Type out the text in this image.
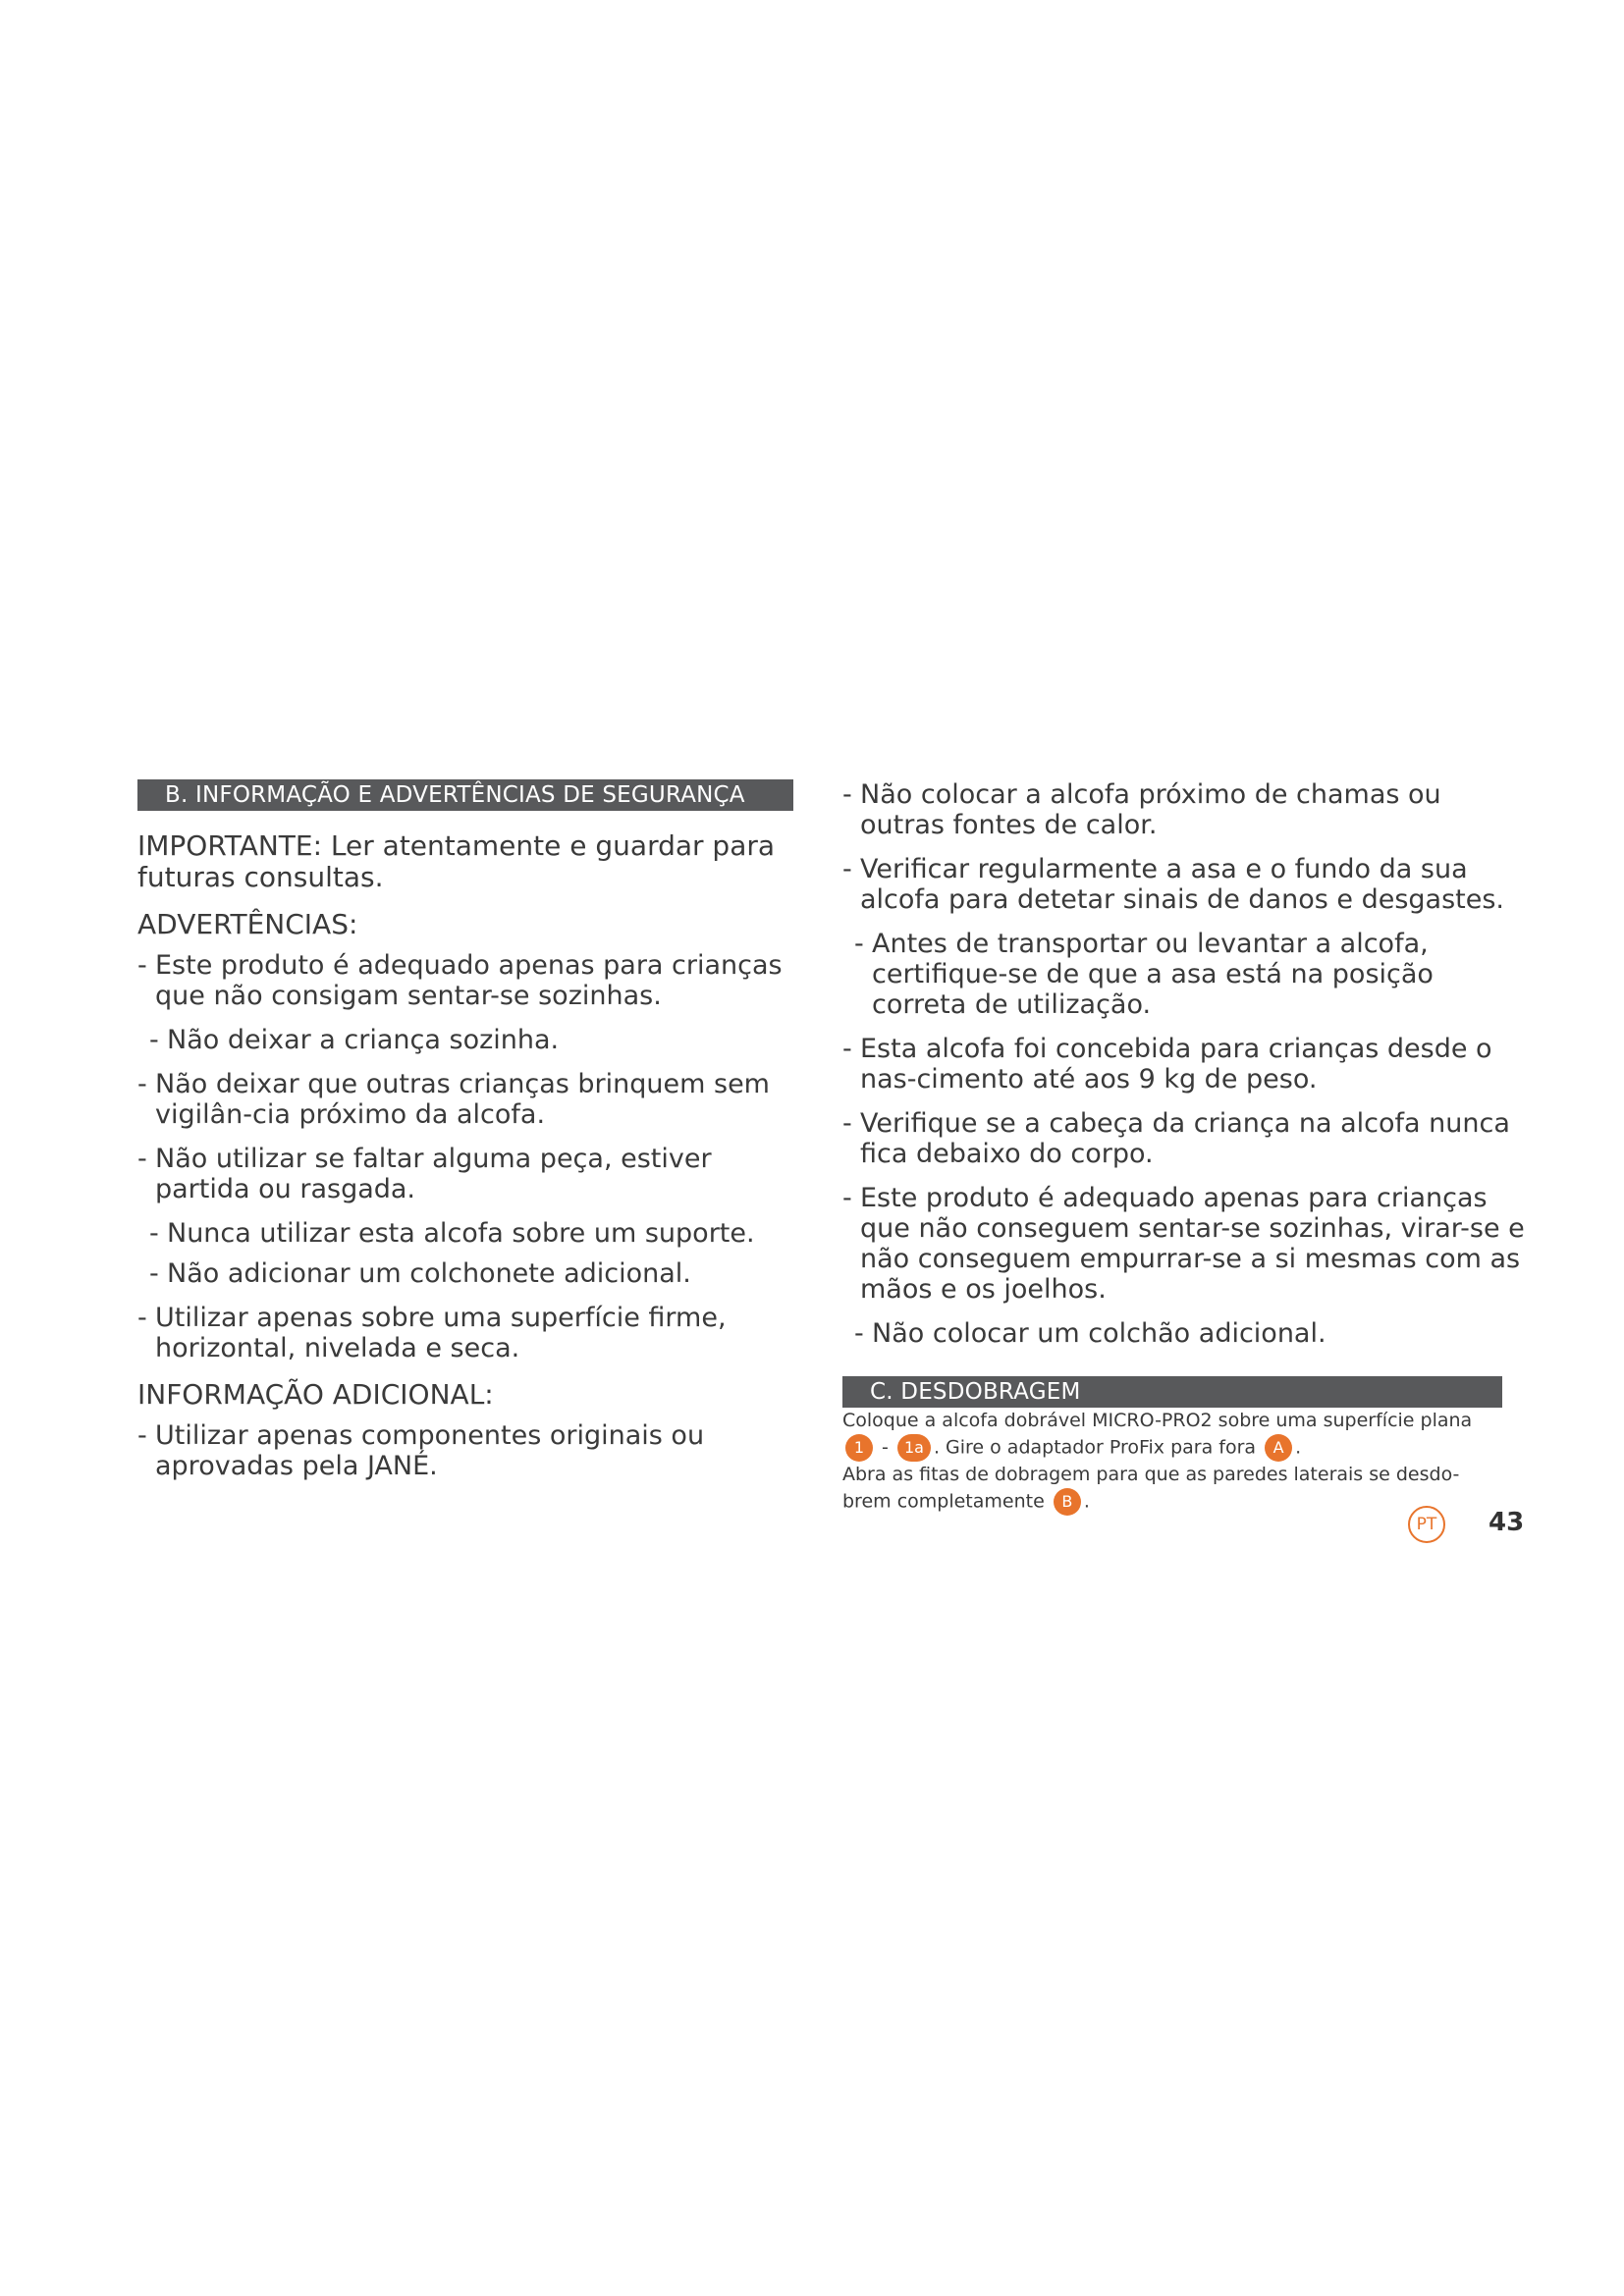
B. INFORMAÇÃO E ADVERTÊNCIAS DE SEGURANÇA

IMPORTANTE: Ler atentamente e guardar para futuras consultas.

ADVERTÊNCIAS:

- Este produto é adequado apenas para crianças que não consigam sentar-se sozinhas.
- Não deixar a criança sozinha.
- Não deixar que outras crianças brinquem sem vigilân-cia próximo da alcofa.
- Não utilizar se faltar alguma peça, estiver partida ou rasgada.
- Nunca utilizar esta alcofa sobre um suporte.
- Não adicionar um colchonete adicional.
- Utilizar apenas sobre uma superfície firme, horizontal, nivelada e seca.

INFORMAÇÃO ADICIONAL:

- Utilizar apenas componentes originais ou aprovadas pela JANÉ.
- Não colocar a alcofa próximo de chamas ou outras fontes de calor.
- Verificar regularmente a asa e o fundo da sua alcofa para detetar sinais de danos e desgastes.
- Antes de transportar ou levantar a alcofa, certifique-se de que a asa está na posição correta de utilização.
- Esta alcofa foi concebida para crianças desde o nas-cimento até aos 9 kg de peso.
- Verifique se a cabeça da criança na alcofa nunca fica debaixo do corpo.
- Este produto é adequado apenas para crianças que não conseguem sentar-se sozinhas, virar-se e não conseguem empurrar-se a si mesmas com as mãos e os joelhos.
- Não colocar um colchão adicional.
C. DESDOBRAGEM
Coloque a alcofa dobrável MICRO-PRO2 sobre uma superfície plana
1 - 1a . Gire o adaptador ProFix para fora A .
Abra as fitas de dobragem para que as paredes laterais se desdo-brem completamente B .
PT	43
